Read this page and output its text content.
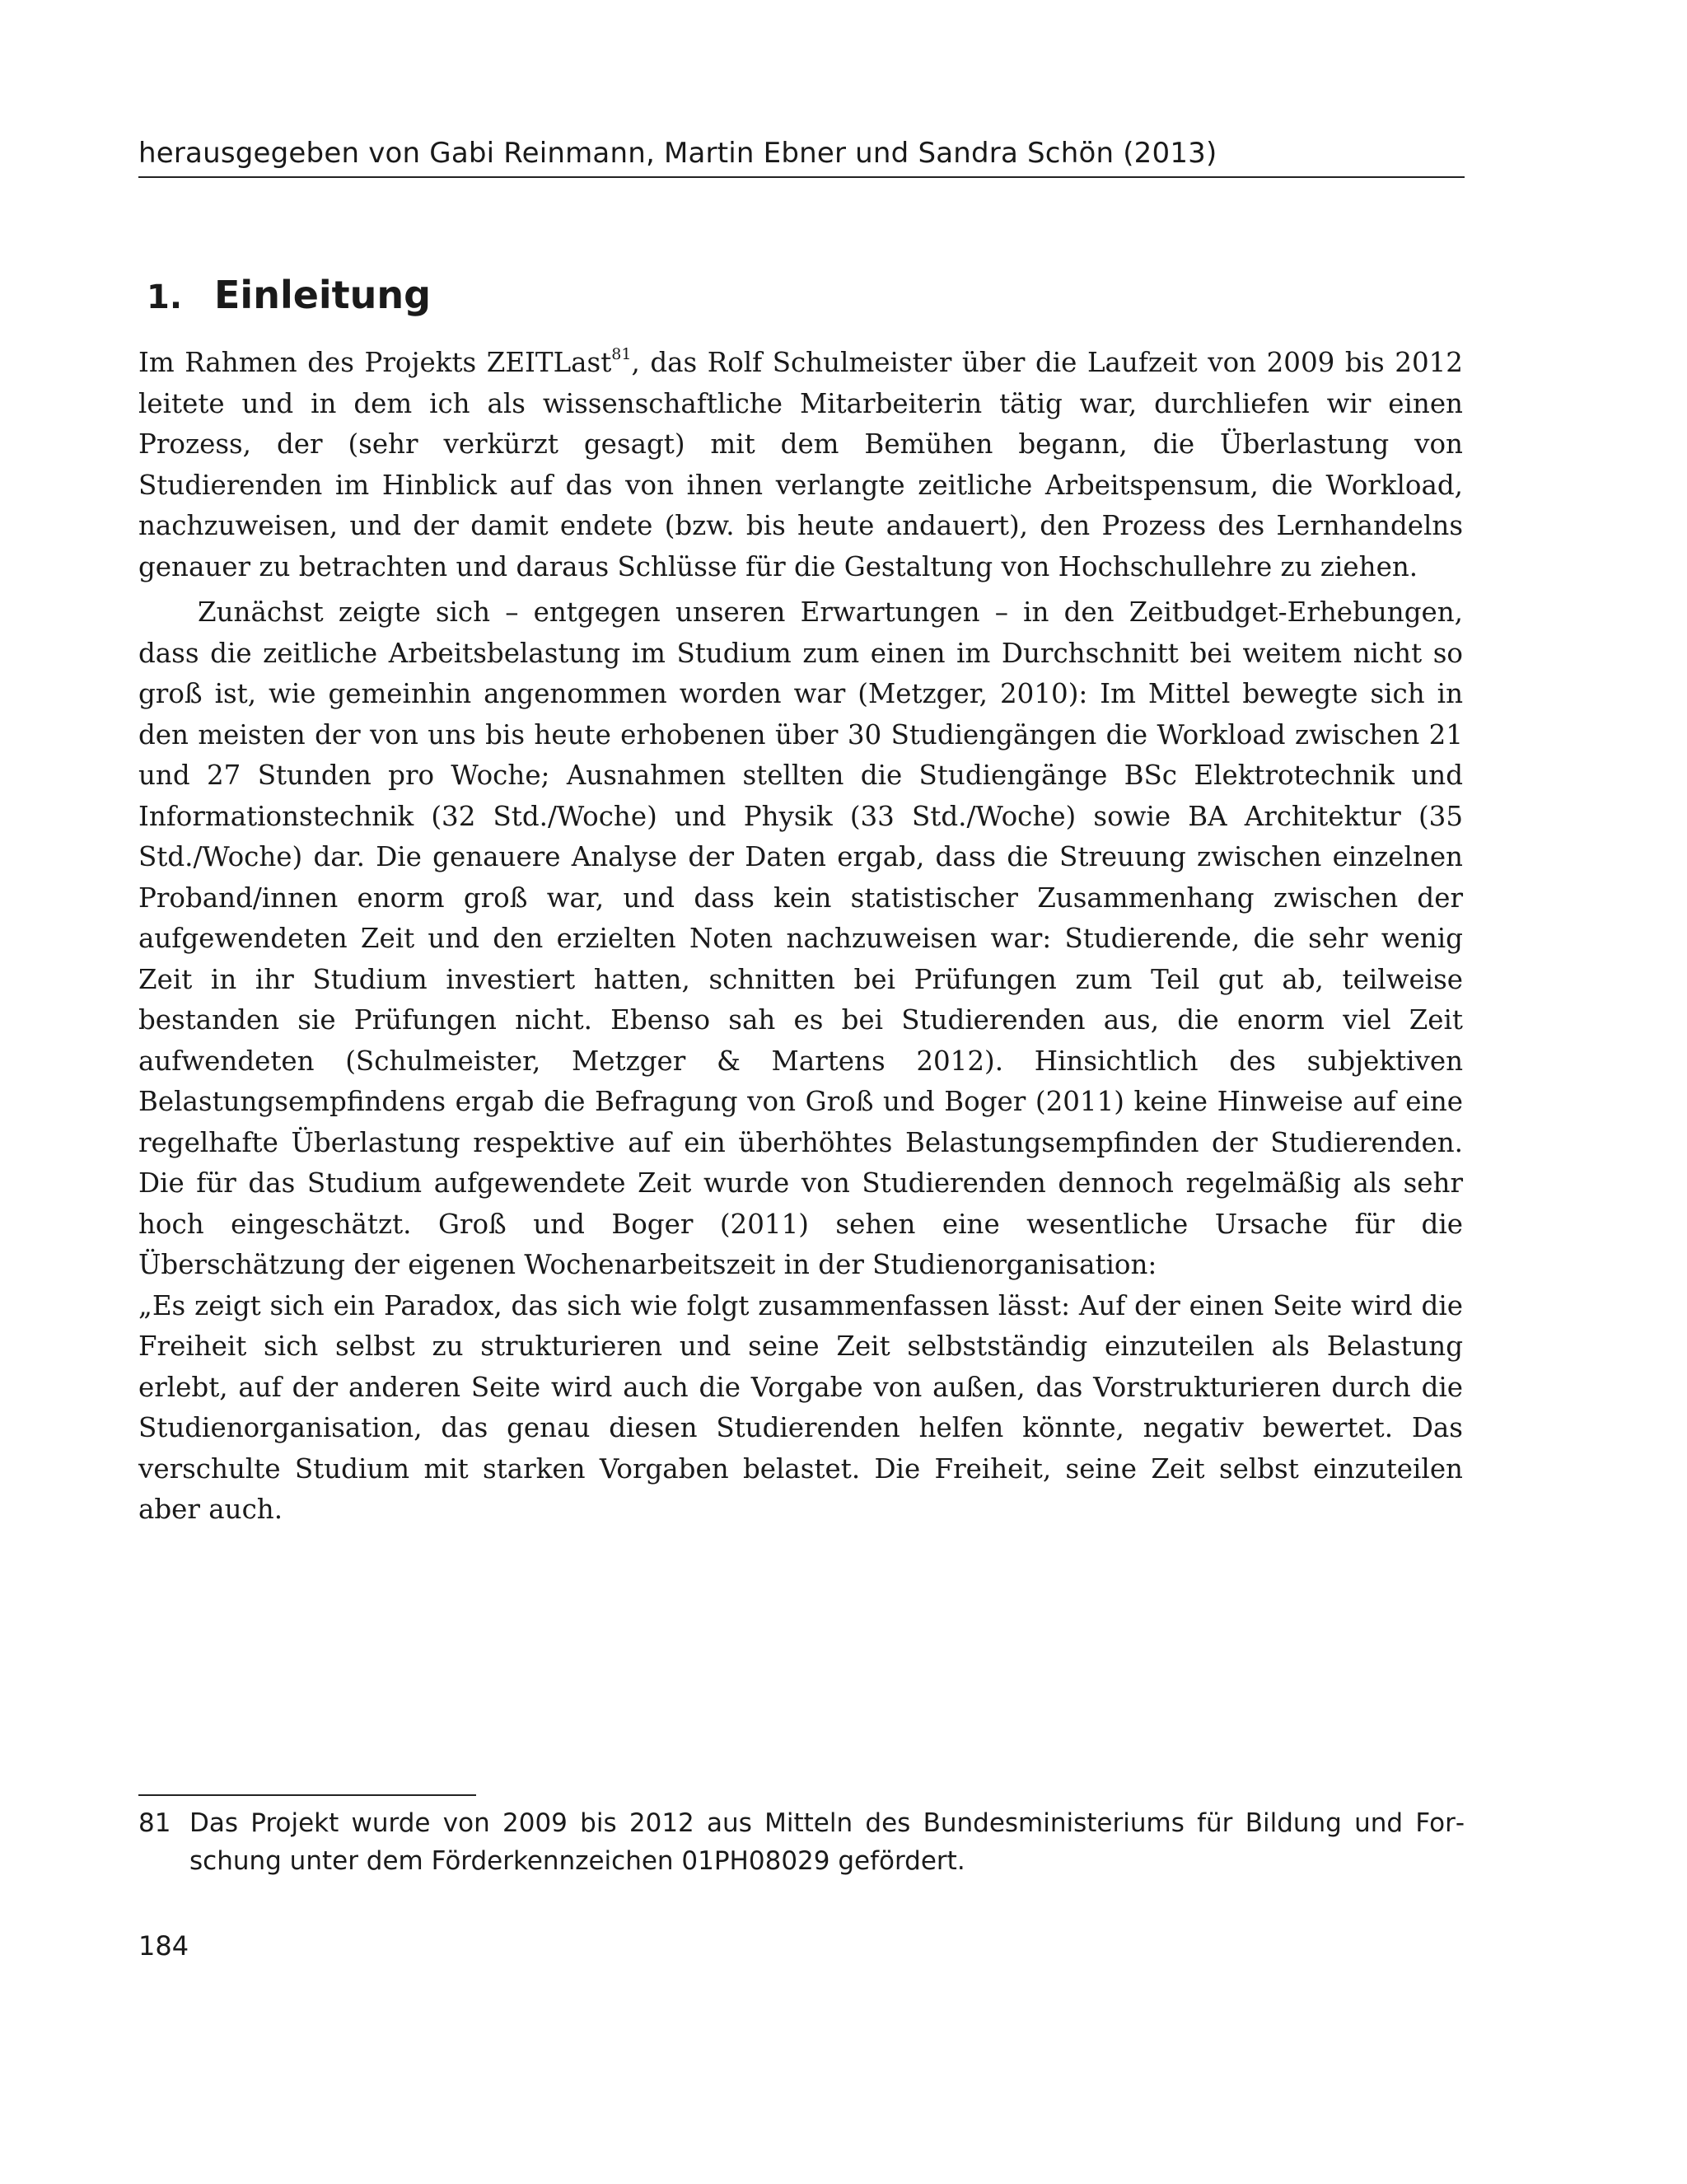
herausgegeben von Gabi Reinmann, Martin Ebner und Sandra Schön (2013)
1. Einleitung

Im Rahmen des Projekts ZEITLast$^{81}$, das Rolf Schulmeister über die Laufzeit von 2009 bis 2012 leitete und in dem ich als wissenschaftliche Mitarbeiterin tätig war, durchliefen wir einen Prozess, der (sehr verkürzt gesagt) mit dem Bemühen begann, die Überlastung von Studierenden im Hinblick auf das von ihnen verlangte zeitliche Arbeitspensum, die Workload, nachzuweisen, und der damit endete (bzw. bis heute andauert), den Prozess des Lernhandelns genauer zu betrachten und daraus Schlüsse für die Gestaltung von Hochschullehre zu ziehen.

Zunächst zeigte sich – entgegen unseren Erwartungen – in den Zeitbudget-Erhebungen, dass die zeitliche Arbeitsbelastung im Studium zum einen im Durchschnitt bei weitem nicht so groß ist, wie gemeinhin angenommen worden war (Metzger, 2010): Im Mittel bewegte sich in den meisten der von uns bis heute erhobenen über 30 Studiengängen die Workload zwischen 21 und 27 Stunden pro Woche; Ausnahmen stellten die Studiengänge BSc Elektrotechnik und Informationstechnik (32 Std./Woche) und Physik (33 Std./Woche) sowie BA Architektur (35 Std./Woche) dar. Die genauere Analyse der Daten ergab, dass die Streuung zwischen einzelnen Proband/innen enorm groß war, und dass kein statistischer Zusammenhang zwischen der aufgewendeten Zeit und den erzielten Noten nachzuweisen war: Studierende, die sehr wenig Zeit in ihr Studium investiert hatten, schnitten bei Prüfungen zum Teil gut ab, teilweise bestanden sie Prüfungen nicht. Ebenso sah es bei Studierenden aus, die enorm viel Zeit aufwendeten (Schulmeister, Metzger & Martens 2012). Hinsichtlich des subjektiven Belastungsempfindens ergab die Befragung von Groß und Boger (2011) keine Hinweise auf eine regelhafte Überlastung respektive auf ein überhöhtes Belastungsempfinden der Studierenden. Die für das Studium aufgewendete Zeit wurde von Studierenden dennoch regelmäßig als sehr hoch eingeschätzt. Groß und Boger (2011) sehen eine wesentliche Ursache für die Überschätzung der eigenen Wochenarbeitszeit in der Studienorganisation:

„Es zeigt sich ein Paradox, das sich wie folgt zusammenfassen lässt: Auf der einen Seite wird die Freiheit sich selbst zu strukturieren und seine Zeit selbstständig einzuteilen als Belastung erlebt, auf der anderen Seite wird auch die Vorgabe von außen, das Vorstrukturieren durch die Studienorganisation, das genau diesen Studierenden helfen könnte, negativ bewertet. Das verschulte Studium mit starken Vorgaben belastet. Die Freiheit, seine Zeit selbst einzuteilen aber auch.

81 Das Projekt wurde von 2009 bis 2012 aus Mitteln des Bundesministeriums für Bildung und Forschung unter dem Förderkennzeichen 01PH08029 gefördert.
184
